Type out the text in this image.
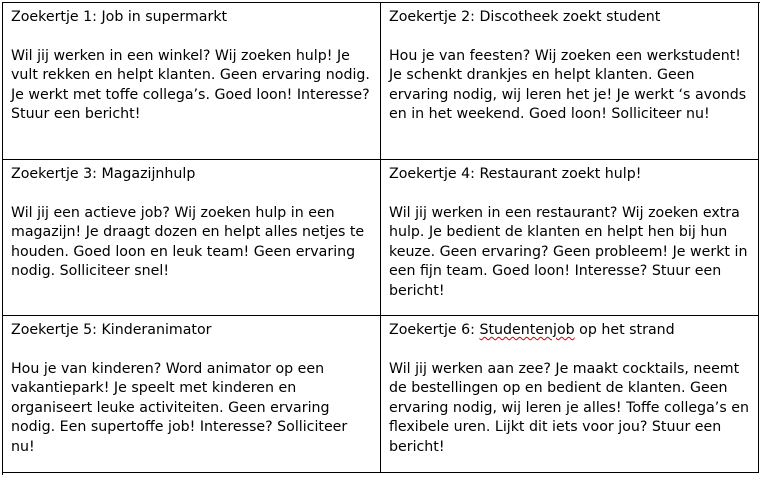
Zoekertje 1: Job in supermarkt

Wil jij werken in een winkel? Wij zoeken hulp! Je vult rekken en helpt klanten. Geen ervaring nodig. Je werkt met toffe collega’s. Goed loon! Interesse? Stuur een bericht!

Zoekertje 2: Discotheek zoekt student

Hou je van feesten? Wij zoeken een werkstudent! Je schenkt drankjes en helpt klanten. Geen ervaring nodig, wij leren het je! Je werkt ‘s avonds en in het weekend. Goed loon! Solliciteer nu!

Zoekertje 3: Magazijnhulp

Wil jij een actieve job? Wij zoeken hulp in een magazijn! Je draagt dozen en helpt alles netjes te houden. Goed loon en leuk team! Geen ervaring nodig. Solliciteer snel!

Zoekertje 4: Restaurant zoekt hulp!

Wil jij werken in een restaurant? Wij zoeken extra hulp. Je bedient de klanten en helpt hen bij hun keuze. Geen ervaring? Geen probleem! Je werkt in een fijn team. Goed loon! Interesse? Stuur een bericht!

Zoekertje 5: Kinderanimator

Hou je van kinderen? Word animator op een vakantiepark! Je speelt met kinderen en organiseert leuke activiteiten. Geen ervaring nodig. Een supertoffe job! Interesse? Solliciteer nu!

Zoekertje 6: Studentenjob op het strand

Wil jij werken aan zee? Je maakt cocktails, neemt de bestellingen op en bedient de klanten. Geen ervaring nodig, wij leren je alles! Toffe collega’s en flexibele uren. Lijkt dit iets voor jou? Stuur een bericht!
